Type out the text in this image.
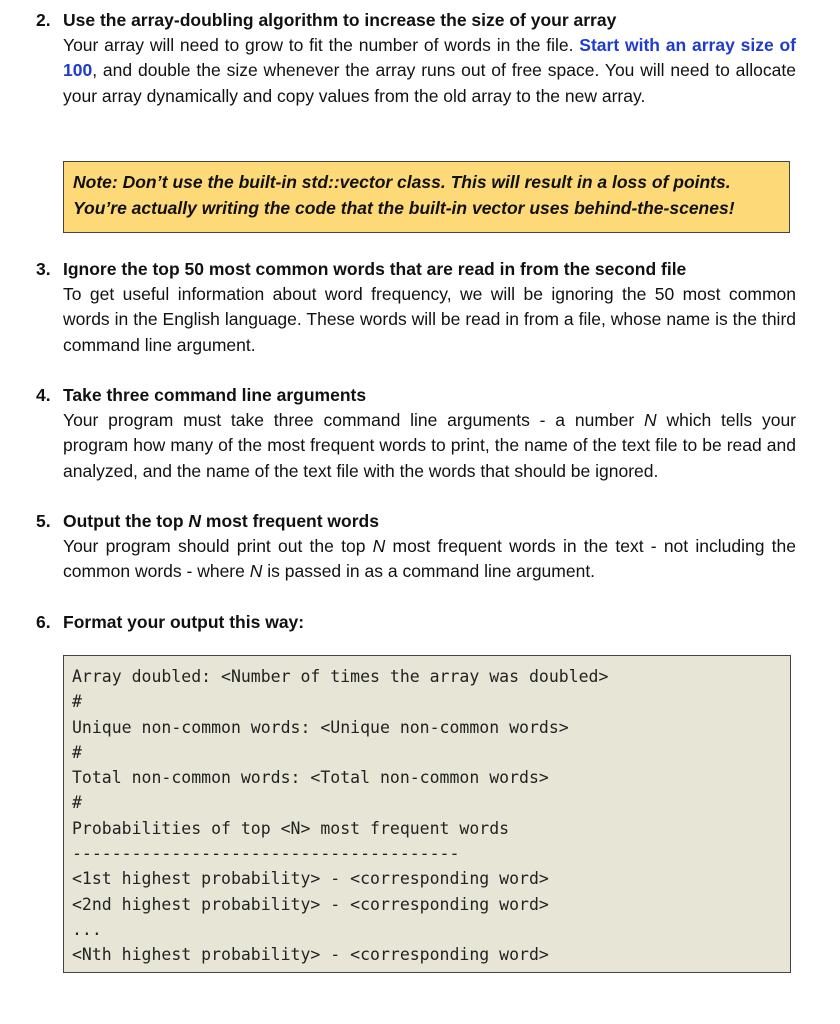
2. Use the array-doubling algorithm to increase the size of your array
Your array will need to grow to fit the number of words in the file. Start with an array size of 100, and double the size whenever the array runs out of free space. You will need to allocate your array dynamically and copy values from the old array to the new array.
Note: Don’t use the built-in std::vector class. This will result in a loss of points.
You’re actually writing the code that the built-in vector uses behind-the-scenes!
3. Ignore the top 50 most common words that are read in from the second file
To get useful information about word frequency, we will be ignoring the 50 most common words in the English language. These words will be read in from a file, whose name is the third command line argument.
4. Take three command line arguments
Your program must take three command line arguments - a number N which tells your program how many of the most frequent words to print, the name of the text file to be read and analyzed, and the name of the text file with the words that should be ignored.
5. Output the top N most frequent words
Your program should print out the top N most frequent words in the text - not including the common words - where N is passed in as a command line argument.
6. Format your output this way:
Array doubled: <Number of times the array was doubled>
#
Unique non-common words: <Unique non-common words>
#
Total non-common words: <Total non-common words>
#
Probabilities of top <N> most frequent words
---------------------------------------
<1st highest probability> - <corresponding word>
<2nd highest probability> - <corresponding word>
...
<Nth highest probability> - <corresponding word>
